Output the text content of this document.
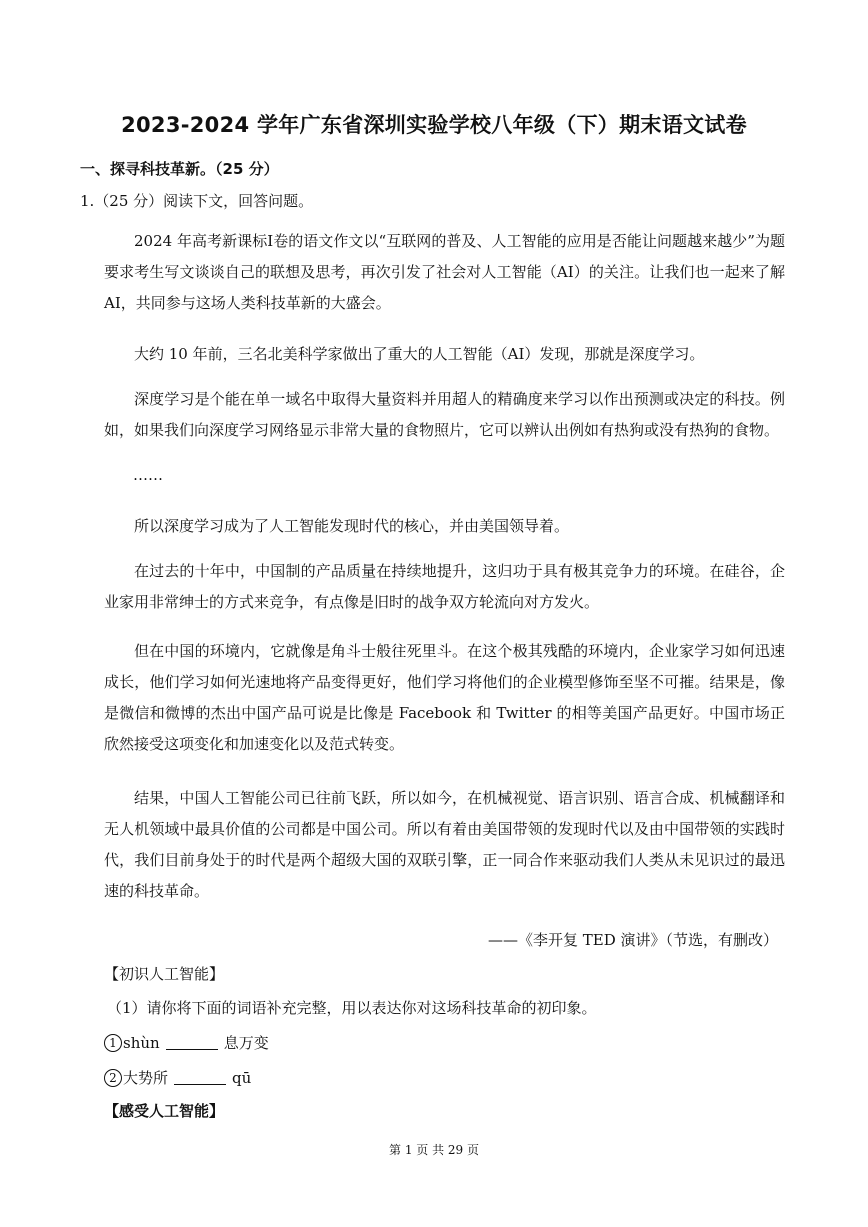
2023-2024 学年广东省深圳实验学校八年级（下）期末语文试卷
一、探寻科技革新。（25 分）
1.（25 分）阅读下文，回答问题。
2024 年高考新课标Ⅰ卷的语文作文以“互联网的普及、人工智能的应用是否能让问题越来越少”为题要求考生写文谈谈自己的联想及思考，再次引发了社会对人工智能（AI）的关注。让我们也一起来了解 AI，共同参与这场人类科技革新的大盛会。
大约 10 年前，三名北美科学家做出了重大的人工智能（AI）发现，那就是深度学习。
深度学习是个能在单一域名中取得大量资料并用超人的精确度来学习以作出预测或决定的科技。例如，如果我们向深度学习网络显示非常大量的食物照片，它可以辨认出例如有热狗或没有热狗的食物。
……
所以深度学习成为了人工智能发现时代的核心，并由美国领导着。
在过去的十年中，中国制的产品质量在持续地提升，这归功于具有极其竞争力的环境。在硅谷，企业家用非常绅士的方式来竞争，有点像是旧时的战争双方轮流向对方发火。
但在中国的环境内，它就像是角斗士般往死里斗。在这个极其残酷的环境内，企业家学习如何迅速成长，他们学习如何光速地将产品变得更好，他们学习将他们的企业模型修饰至坚不可摧。结果是，像是微信和微博的杰出中国产品可说是比像是 Facebook 和 Twitter 的相等美国产品更好。中国市场正欣然接受这项变化和加速变化以及范式转变。
结果，中国人工智能公司已往前飞跃，所以如今，在机械视觉、语言识别、语言合成、机械翻译和无人机领域中最具价值的公司都是中国公司。所以有着由美国带领的发现时代以及由中国带领的实践时代，我们目前身处于的时代是两个超级大国的双联引擎，正一同合作来驱动我们人类从未见识过的最迅速的科技革命。
——《李开复 TED 演讲》（节选，有删改）
【初识人工智能】
（1）请你将下面的词语补充完整，用以表达你对这场科技革命的初印象。
1 shùn	息万变
2 大势所	qū
【感受人工智能】
第 1 页 共 29 页
